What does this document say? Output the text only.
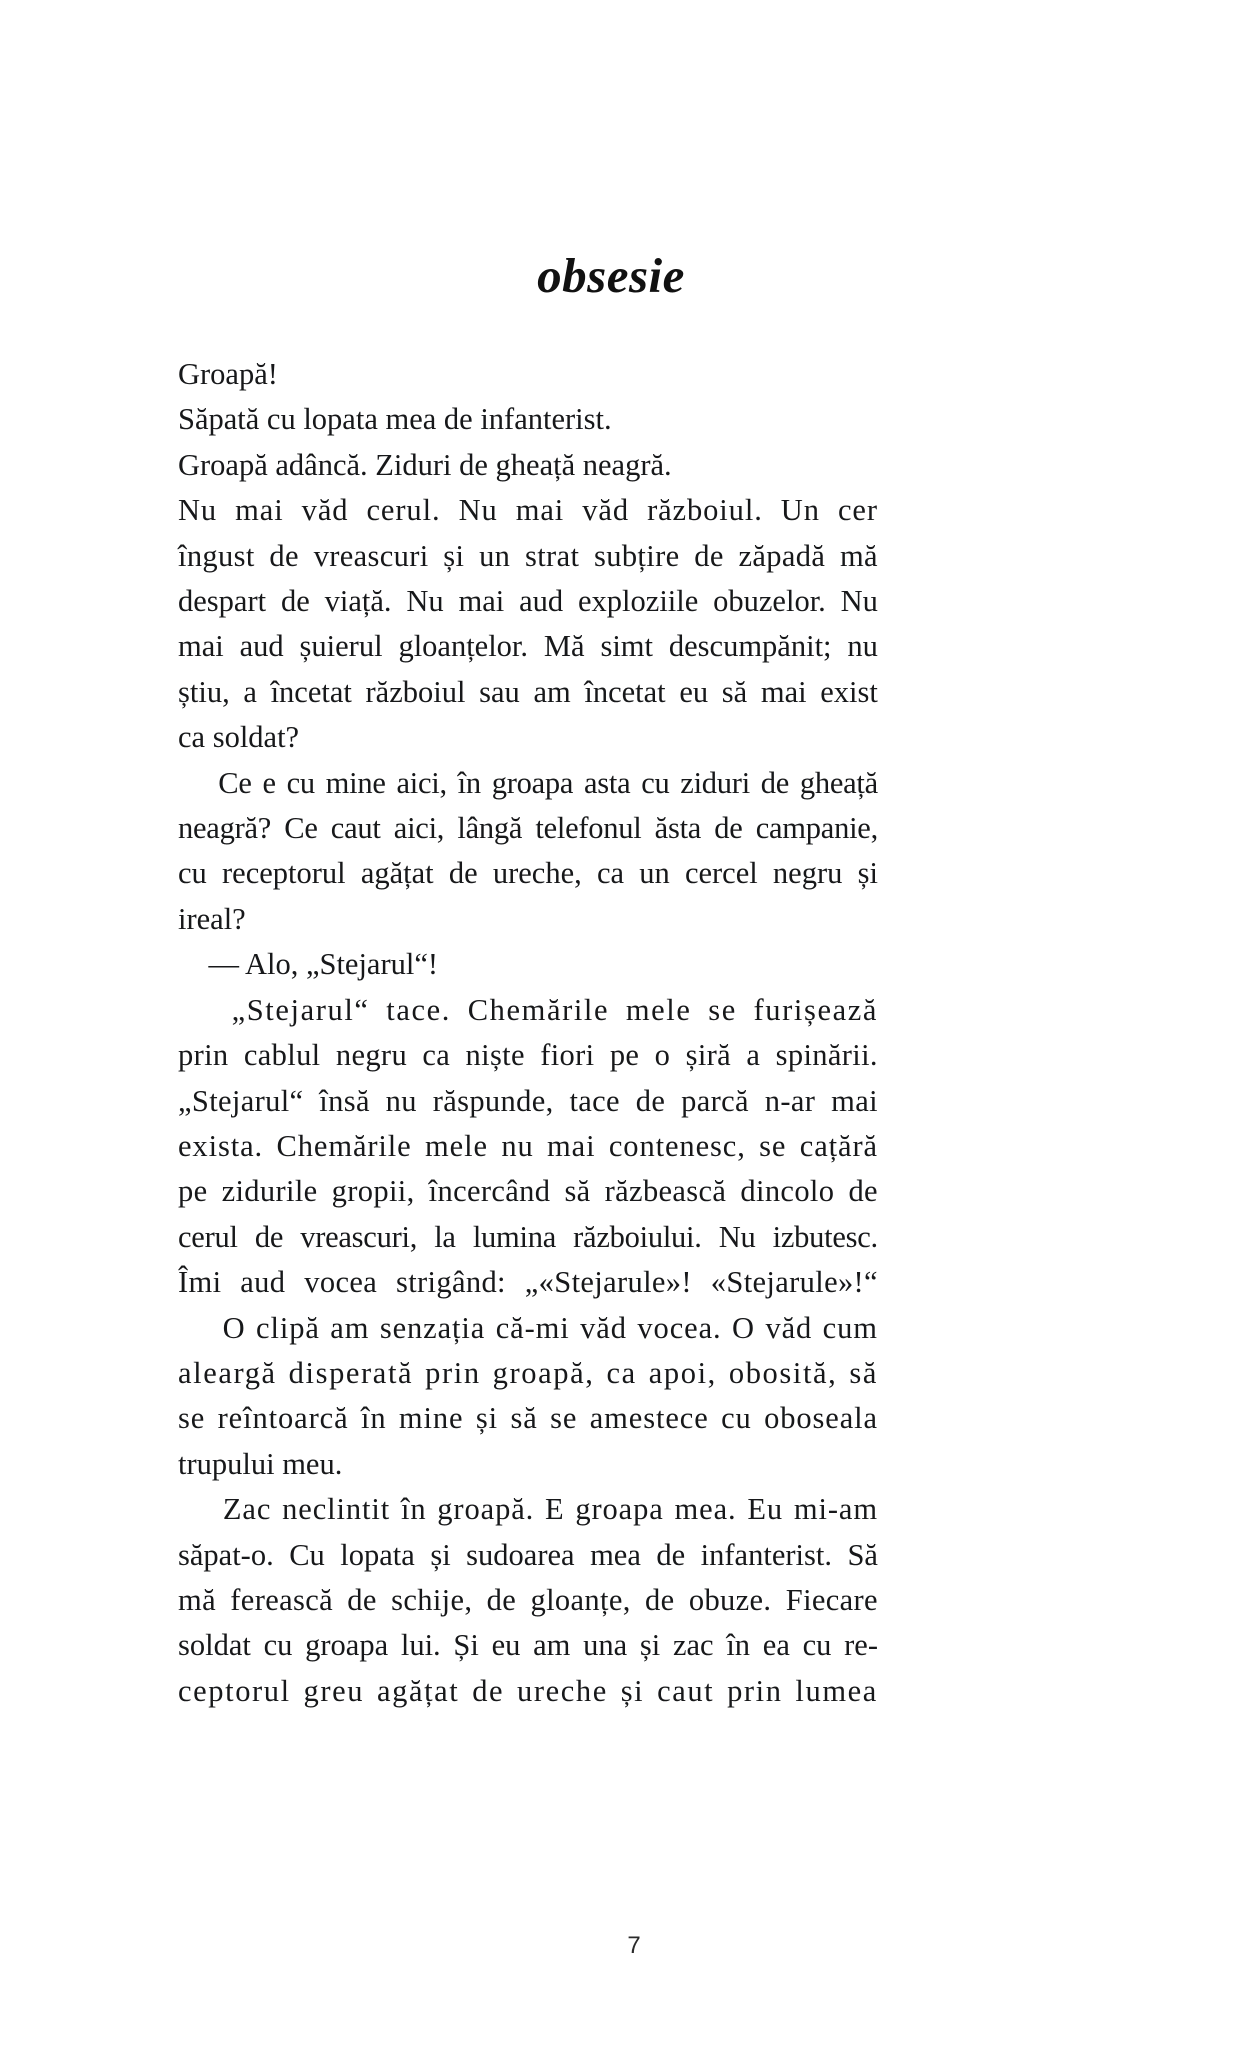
obsesie
Groapă!
Săpată cu lopata mea de infanterist.
Groapă adâncă. Ziduri de gheață neagră.
Nu mai văd cerul. Nu mai văd războiul. Un cer
îngust de vreascuri și un strat subțire de zăpadă mă
despart de viață. Nu mai aud exploziile obuzelor. Nu
mai aud șuierul gloanțelor. Mă simt descumpănit; nu
știu, a încetat războiul sau am încetat eu să mai exist
ca soldat?

Ce e cu mine aici, în groapa asta cu ziduri de gheață
neagră? Ce caut aici, lângă telefonul ăsta de campanie,
cu receptorul agățat de ureche, ca un cercel negru și
ireal?
— Alo, „Stejarul“!

„Stejarul“ tace. Chemările mele se furișează
prin cablul negru ca niște fiori pe o șiră a spinării.
„Stejarul“ însă nu răspunde, tace de parcă n-ar mai
exista. Chemările mele nu mai contenesc, se cațără
pe zidurile gropii, încercând să răzbească dincolo de
cerul de vreascuri, la lumina războiului. Nu izbutesc.
Îmi aud vocea strigând: „«Stejarule»! «Stejarule»!“

O clipă am senzația că-mi văd vocea. O văd cum
aleargă disperată prin groapă, ca apoi, obosită, să
se reîntoarcă în mine și să se amestece cu oboseala
trupului meu.

Zac neclintit în groapă. E groapa mea. Eu mi-am
săpat-o. Cu lopata și sudoarea mea de infanterist. Să
mă ferească de schije, de gloanțe, de obuze. Fiecare
soldat cu groapa lui. Și eu am una și zac în ea cu re-
ceptorul greu agățat de ureche și caut prin lumea
7
